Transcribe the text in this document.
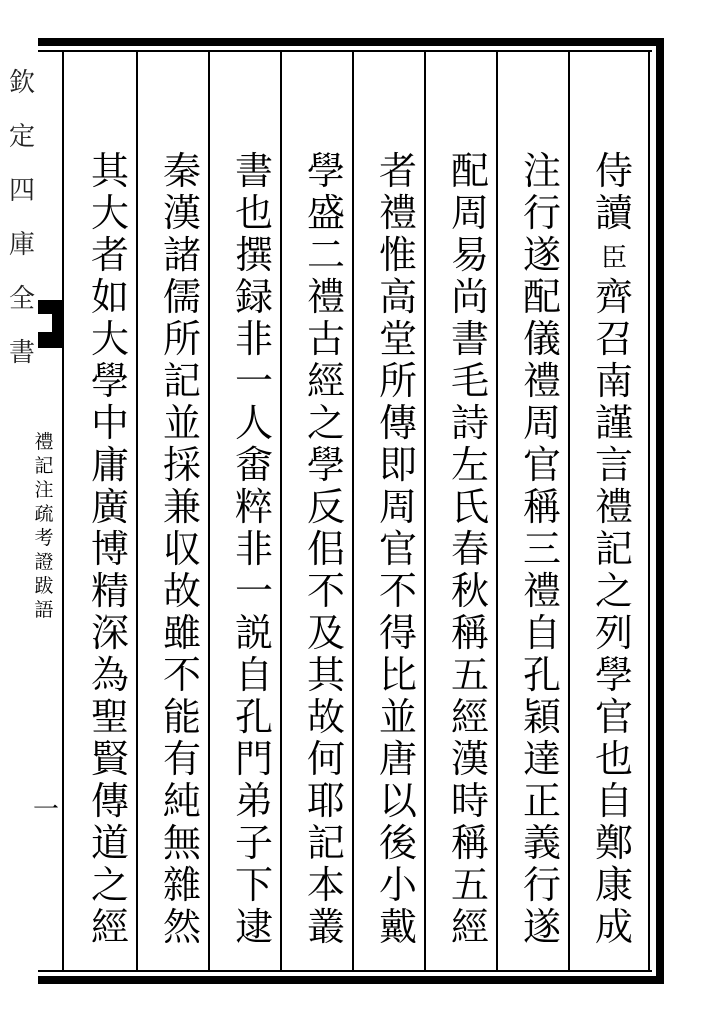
欽
定
四
庫
全
書
禮
記
注
疏
考
證
跋
語
一
侍
讀
臣
齊
召
南
謹
言
禮
記
之
列
學
官
也
自
鄭
康
成
注
行
遂
配
儀
禮
周
官
稱
三
禮
自
孔
穎
達
正
義
行
遂
配
周
易
尚
書
毛
詩
左
氏
春
秋
稱
五
經
漢
時
稱
五
經
者
禮
惟
高
堂
所
傳
即
周
官
不
得
比
並
唐
以
後
小
戴
學
盛
二
禮
古
經
之
學
反
佀
不
及
其
故
何
耶
記
本
叢
書
也
撰
録
非
一
人
畬
粹
非
一
説
自
孔
門
弟
子
下
逮
秦
漢
諸
儒
所
記
並
採
兼
収
故
雖
不
能
有
純
無
雜
然
其
大
者
如
大
學
中
庸
廣
博
精
深
為
聖
賢
傳
道
之
經
